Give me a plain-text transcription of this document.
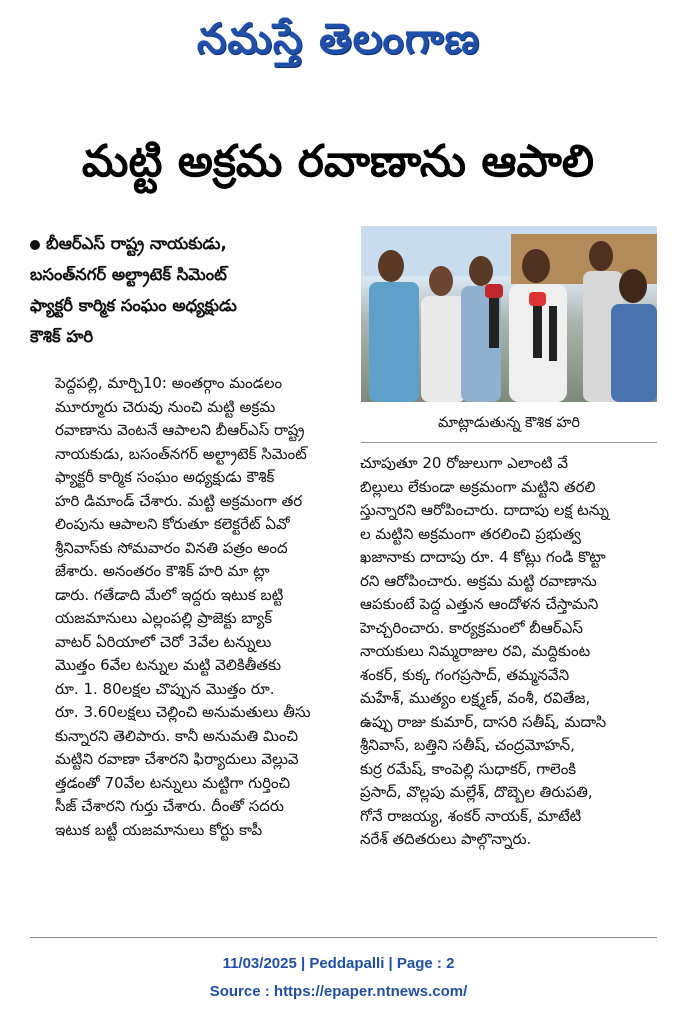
నమస్తే తెలంగాణ
మట్టి అక్రమ రవాణాను ఆపాలి
బీఆర్ఎస్ రాష్ట్ర నాయకుడు,
బసంత్‌నగర్ అల్ట్రాటెక్ సిమెంట్
ఫ్యాక్టరీ కార్మిక సంఘం అధ్యక్షుడు
కౌశిక్ హరి
మాట్లాడుతున్న కౌశిక హరి
పెద్దపల్లి, మార్చి10: అంతర్గాం మండలం
మూర్మూరు చెరువు నుంచి మట్టి అక్రమ
రవాణాను వెంటనే ఆపాలని బీఆర్ఎస్ రాష్ట్ర
నాయకుడు, బసంత్‌నగర్ అల్ట్రాటెక్ సిమెంట్
ఫ్యాక్టరీ కార్మిక సంఘం అధ్యక్షుడు కౌశిక్
హరి డిమాండ్ చేశారు. మట్టి అక్రమంగా తర
లింపును ఆపాలని కోరుతూ కలెక్టరేట్ ఏవో
శ్రీనివాస్‌కు సోమవారం వినతి పత్రం అంద
జేశారు. అనంతరం కౌశిక్ హరి మా ట్లా
డారు. గతేడాది మేలో ఇద్దరు ఇటుక బట్టి
యజమానులు ఎల్లంపల్లి ప్రాజెక్టు బ్యాక్
వాటర్ ఏరియాలో చెరో 3వేల టన్నులు
మొత్తం 6వేల టన్నుల మట్టి వెలికితీతకు
రూ. 1. 80లక్షల చొప్పున మొత్తం రూ.
రూ. 3.60లక్షలు చెల్లించి అనుమతులు తీసు
కున్నారని తెలిపారు. కానీ అనుమతి మించి
మట్టిని రవాణా చేశారని ఫిర్యాదులు వెల్లువె
త్తడంతో 70వేల టన్నులు మట్టిగా గుర్తించి
సీజ్ చేశారని గుర్తు చేశారు. దీంతో సదరు
ఇటుక బట్టీ యజమానులు కోర్టు కాపీ
చూపుతూ 20 రోజులుగా ఎలాంటి వే
బిల్లులు లేకుండా అక్రమంగా మట్టిని తరలి
స్తున్నారని ఆరోపించారు. దాదాపు లక్ష టన్ను
ల మట్టిని అక్రమంగా తరలించి ప్రభుత్వ
ఖజానాకు దాదాపు రూ. 4 కోట్లు గండి కొట్టా
రని ఆరోపించారు. అక్రమ మట్టి రవాణాను
ఆపకుంటే పెద్ద ఎత్తున ఆందోళన చేస్తామని
హెచ్చరించారు. కార్యక్రమంలో బీఆర్ఎస్
నాయకులు నిమ్మరాజుల రవి, మద్దికుంట
శంకర్, కుక్క గంగప్రసాద్, తమ్మనవేని
మహేశ్, ముత్యం లక్ష్మణ్, వంశీ, రవితేజ,
ఉప్పు రాజు కుమార్, దాసరి సతీష్, మదాసి
శ్రీనివాస్, బత్తిని సతీష్, చంద్రమోహన్,
కుర్ర రమేష్, కాంపెల్లి సుధాకర్, గాలెంకి
ప్రసాద్, వొల్లపు మల్లేశ్, దొబ్బెల తిరుపతి,
గోనే రాజయ్య, శంకర్ నాయక్, మాటేటి
నరేశ్ తదితరులు పాల్గొన్నారు.
11/03/2025 | Peddapalli | Page : 2
Source : https://epaper.ntnews.com/
